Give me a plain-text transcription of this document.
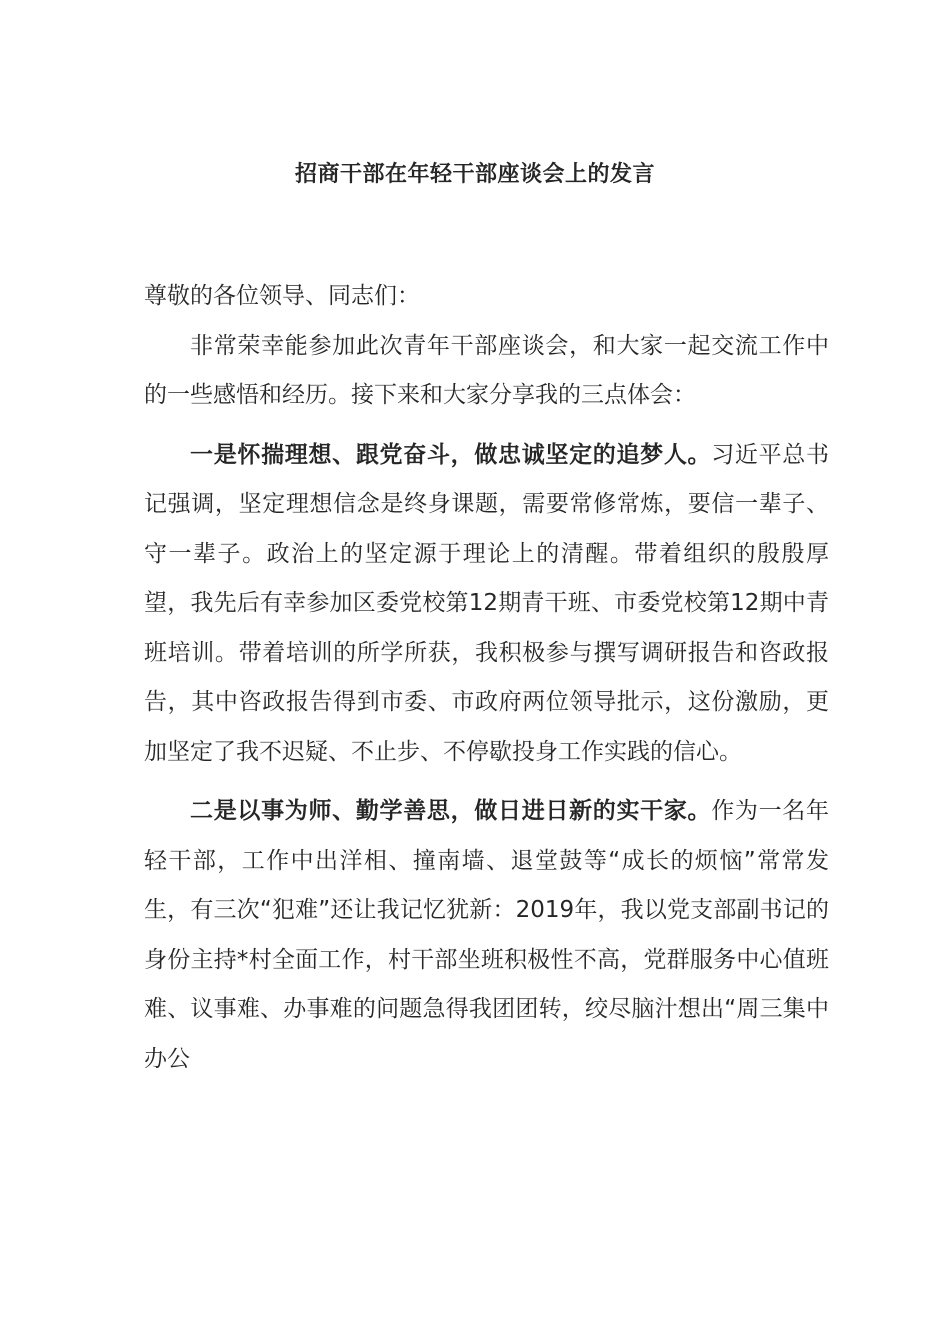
招商干部在年轻干部座谈会上的发言

尊敬的各位领导、同志们：

非常荣幸能参加此次青年干部座谈会，和大家一起交流工作中的一些感悟和经历。接下来和大家分享我的三点体会：

一是怀揣理想、跟党奋斗，做忠诚坚定的追梦人。习近平总书记强调，坚定理想信念是终身课题，需要常修常炼，要信一辈子、守一辈子。政治上的坚定源于理论上的清醒。带着组织的殷殷厚望，我先后有幸参加区委党校第12期青干班、市委党校第12期中青班培训。带着培训的所学所获，我积极参与撰写调研报告和咨政报告，其中咨政报告得到市委、市政府两位领导批示，这份激励，更加坚定了我不迟疑、不止步、不停歇投身工作实践的信心。

二是以事为师、勤学善思，做日进日新的实干家。作为一名年轻干部，工作中出洋相、撞南墙、退堂鼓等“成长的烦恼”常常发生，有三次“犯难”还让我记忆犹新：2019年，我以党支部副书记的身份主持*村全面工作，村干部坐班积极性不高，党群服务中心值班难、议事难、办事难的问题急得我团团转，绞尽脑汁想出“周三集中办公
